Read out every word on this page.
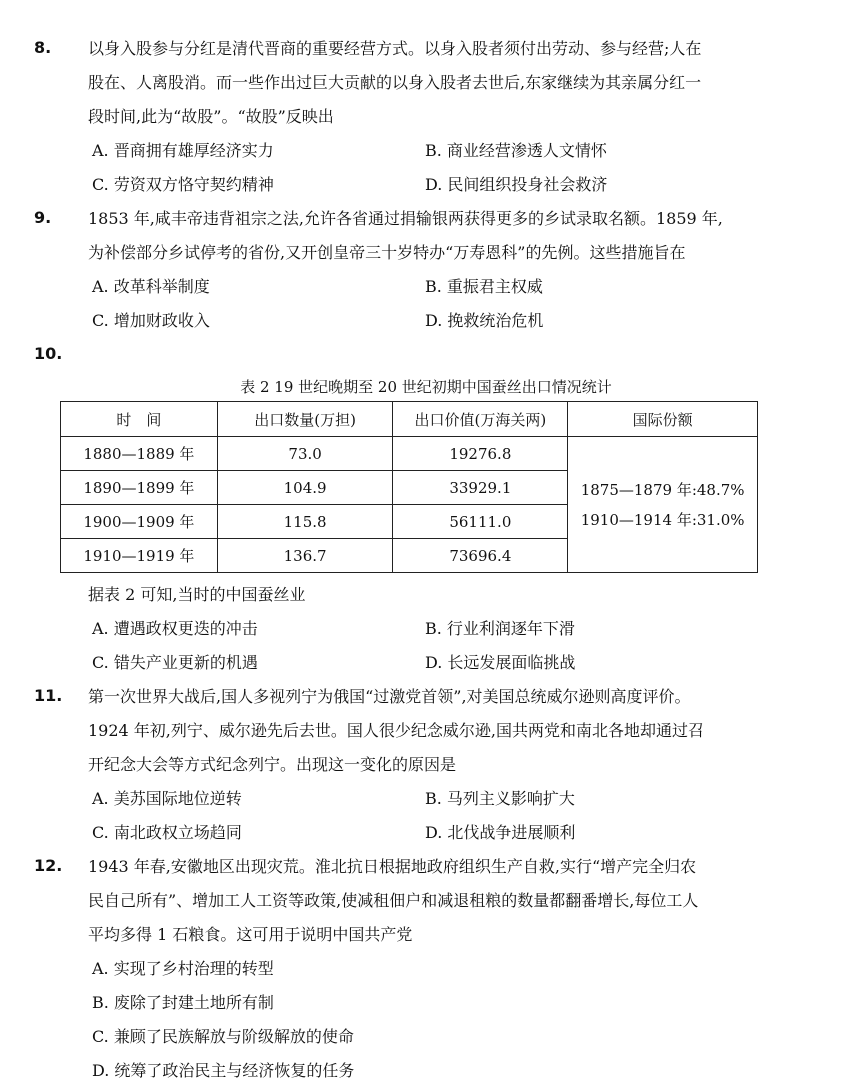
8. 以身入股参与分红是清代晋商的重要经营方式。以身入股者须付出劳动、参与经营;人在
股在、人离股消。而一些作出过巨大贡献的以身入股者去世后,东家继续为其亲属分红一
段时间,此为“故股”。“故股”反映出
A. 晋商拥有雄厚经济实力	B. 商业经营渗透人文情怀
C. 劳资双方恪守契约精神	D. 民间组织投身社会救济
9. 1853 年,咸丰帝违背祖宗之法,允许各省通过捐输银两获得更多的乡试录取名额。1859 年,
为补偿部分乡试停考的省份,又开创皇帝三十岁特办“万寿恩科”的先例。这些措施旨在
A. 改革科举制度	B. 重振君主权威
C. 增加财政收入	D. 挽救统治危机
10.
表 2 19 世纪晚期至 20 世纪初期中国蚕丝出口情况统计
时　间	出口数量(万担)	出口价值(万海关两)	国际份额
1880—1889 年	73.0	19276.8	1875—1879 年:48.7%
1910—1914 年:31.0%

1890—1899 年	104.9	33929.1	
1900—1909 年	115.8	56111.0	
1910—1919 年	136.7	73696.4	
据表 2 可知,当时的中国蚕丝业
A. 遭遇政权更迭的冲击	B. 行业利润逐年下滑
C. 错失产业更新的机遇	D. 长远发展面临挑战
11. 第一次世界大战后,国人多视列宁为俄国“过激党首领”,对美国总统威尔逊则高度评价。
1924 年初,列宁、威尔逊先后去世。国人很少纪念威尔逊,国共两党和南北各地却通过召
开纪念大会等方式纪念列宁。出现这一变化的原因是
A. 美苏国际地位逆转	B. 马列主义影响扩大
C. 南北政权立场趋同	D. 北伐战争进展顺利
12. 1943 年春,安徽地区出现灾荒。淮北抗日根据地政府组织生产自救,实行“增产完全归农
民自己所有”、增加工人工资等政策,使减租佃户和减退租粮的数量都翻番增长,每位工人
平均多得 1 石粮食。这可用于说明中国共产党
A. 实现了乡村治理的转型
B. 废除了封建土地所有制
C. 兼顾了民族解放与阶级解放的使命
D. 统筹了政治民主与经济恢复的任务
